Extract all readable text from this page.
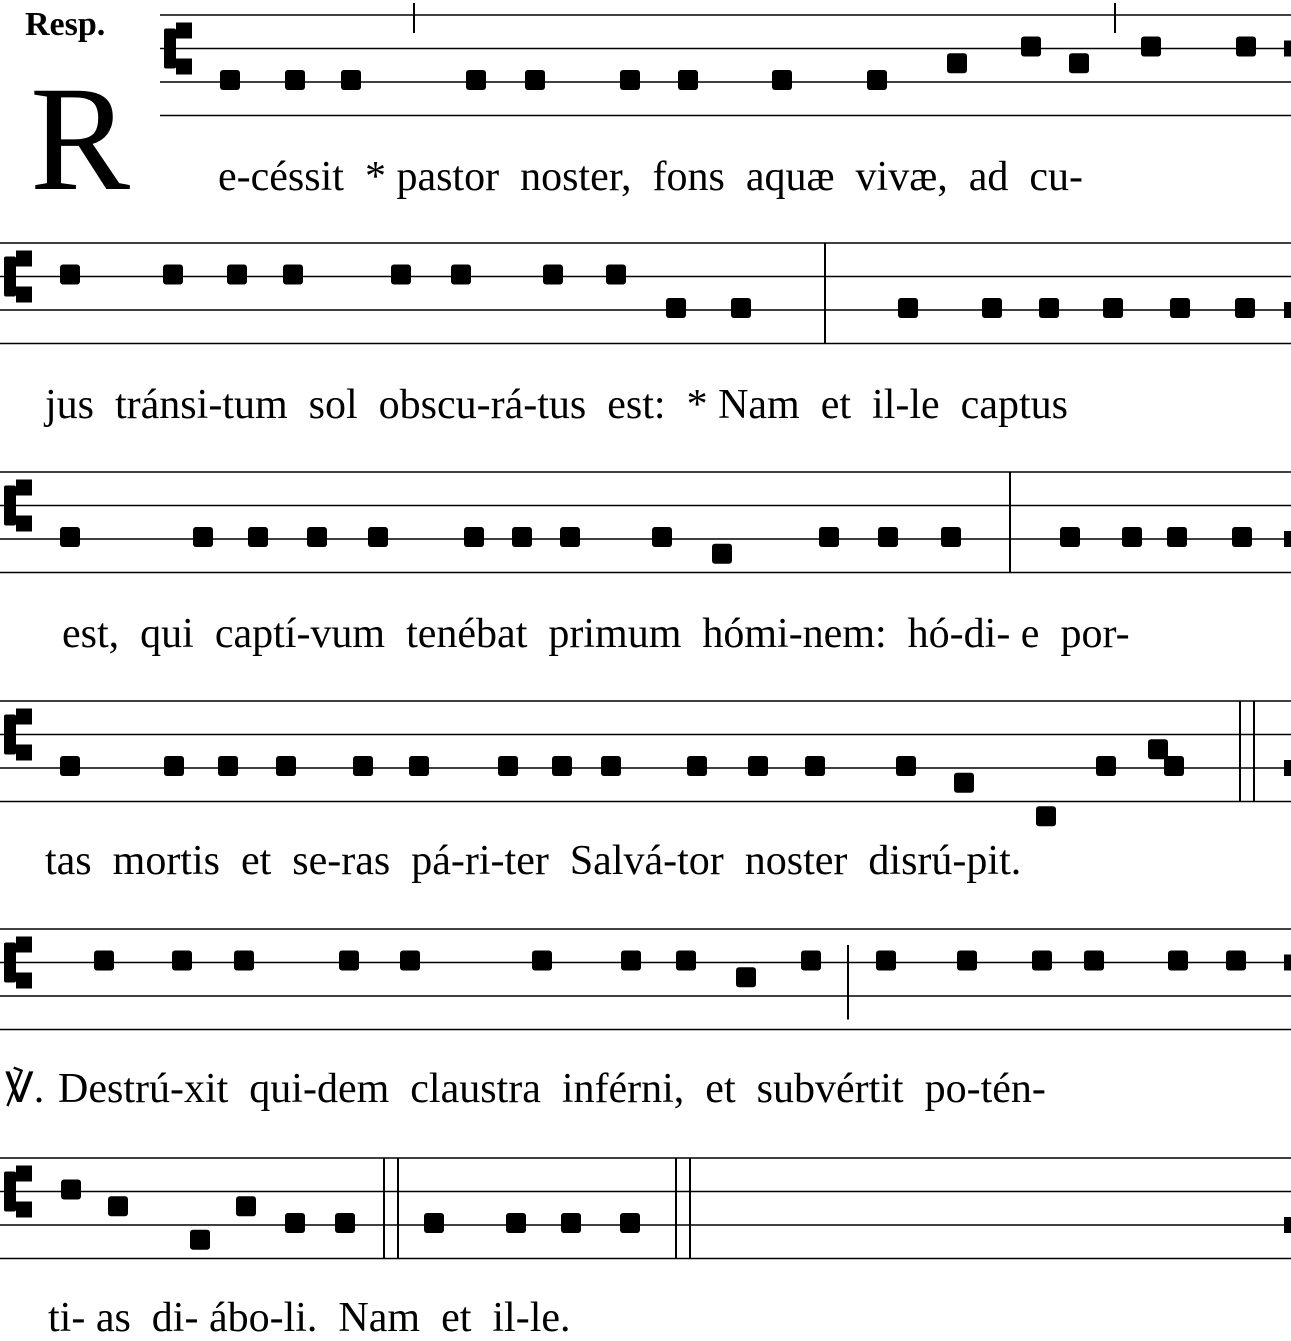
Resp.
R e-céssit  * pastor  noster,  fons  aquæ  vivæ,  ad  cu-
jus  tránsi-tum  sol  obscu-rá-tus  est:  * Nam  et  il-le  captus
est,  qui  captí-vum  tenébat  primum  hómi-nem:  hó-di- e  por-
tas  mortis  et  se-ras  pá-ri-ter  Salvá-tor  noster  disrú-pit.
℣. Destrú-xit  qui-dem  claustra  inférni,  et  subvértit  po-tén-
ti- as  di- ábo-li.  Nam  et  il-le.
